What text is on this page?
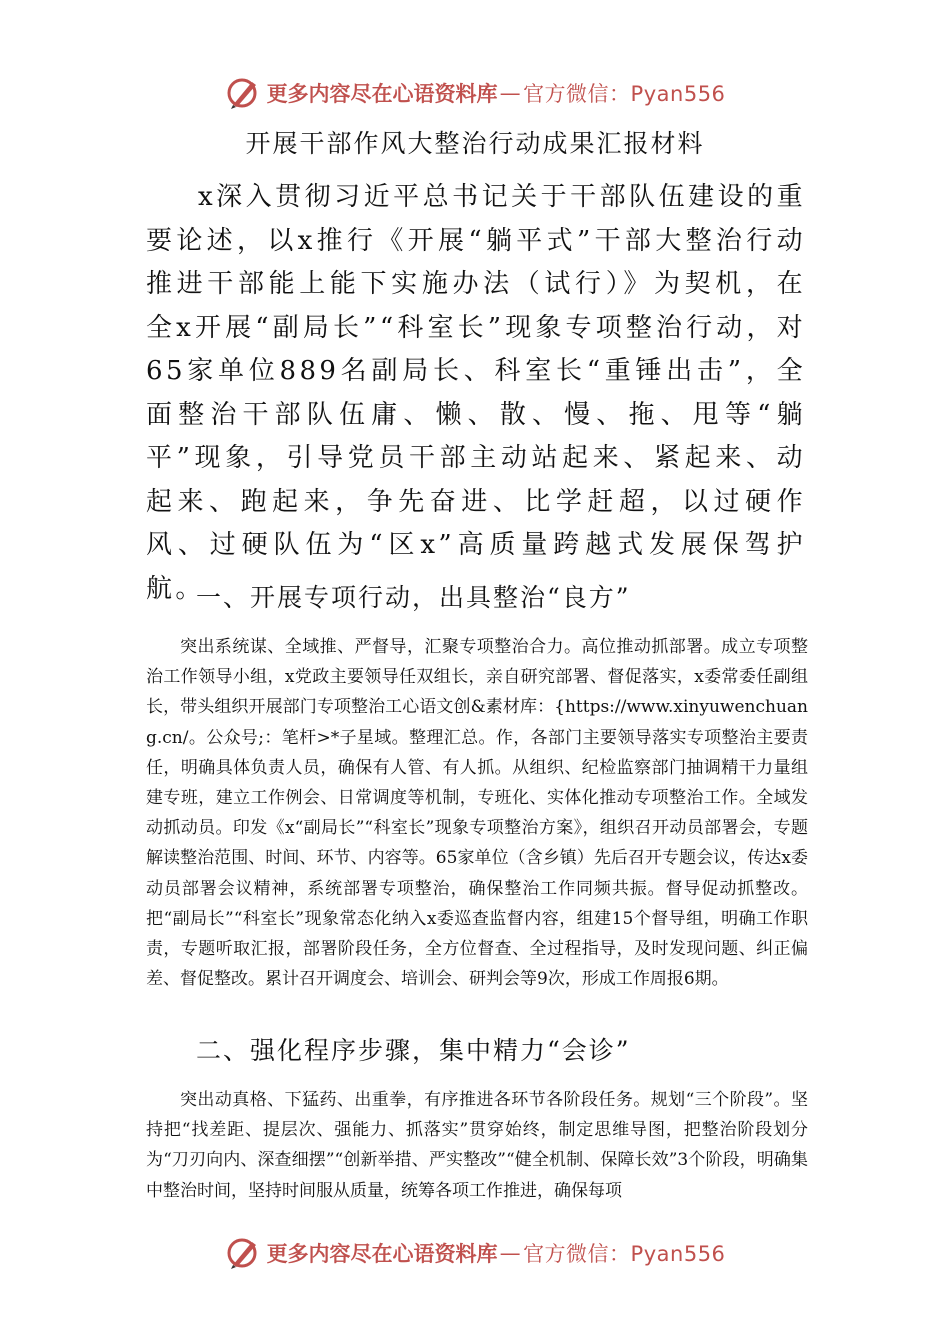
更多内容尽在心语资料库 — 官方微信：Pyan556
开展干部作风大整治行动成果汇报材料

x深入贯彻习近平总书记关于干部队伍建设的重要论述，以x推行《开展“躺平式”干部大整治行动推进干部能上能下实施办法（试行）》为契机，在全x开展“副局长”“科室长”现象专项整治行动，对65家单位889名副局长、科室长“重锤出击”，全面整治干部队伍庸、懒、散、慢、拖、甩等“躺平”现象，引导党员干部主动站起来、紧起来、动起来、跑起来，争先奋进、比学赶超，以过硬作风、过硬队伍为“区x”高质量跨越式发展保驾护航。

一、开展专项行动，出具整治“良方”

突出系统谋、全域推、严督导，汇聚专项整治合力。高位推动抓部署。成立专项整治工作领导小组，x党政主要领导任双组长，亲自研究部署、督促落实，x委常委任副组长，带头组织开展部门专项整治工心语文创&素材库：{https://www.xinyuwenchuang.cn/。公众号;：笔杆>*子星域。整理汇总。作，各部门主要领导落实专项整治主要责任，明确具体负责人员，确保有人管、有人抓。从组织、纪检监察部门抽调精干力量组建专班，建立工作例会、日常调度等机制，专班化、实体化推动专项整治工作。全域发动抓动员。印发《x“副局长”“科室长”现象专项整治方案》，组织召开动员部署会，专题解读整治范围、时间、环节、内容等。65家单位（含乡镇）先后召开专题会议，传达x委动员部署会议精神，系统部署专项整治，确保整治工作同频共振。督导促动抓整改。把“副局长”“科室长”现象常态化纳入x委巡查监督内容，组建15个督导组，明确工作职责，专题听取汇报，部署阶段任务，全方位督查、全过程指导，及时发现问题、纠正偏差、督促整改。累计召开调度会、培训会、研判会等9次，形成工作周报6期。

二、强化程序步骤，集中精力“会诊”

突出动真格、下猛药、出重拳，有序推进各环节各阶段任务。规划“三个阶段”。坚持把“找差距、提层次、强能力、抓落实”贯穿始终，制定思维导图，把整治阶段划分为“刀刃向内、深查细摆”“创新举措、严实整改”“健全机制、保障长效”3个阶段，明确集中整治时间，坚持时间服从质量，统筹各项工作推进，确保每项

更多内容尽在心语资料库 — 官方微信：Pyan556
